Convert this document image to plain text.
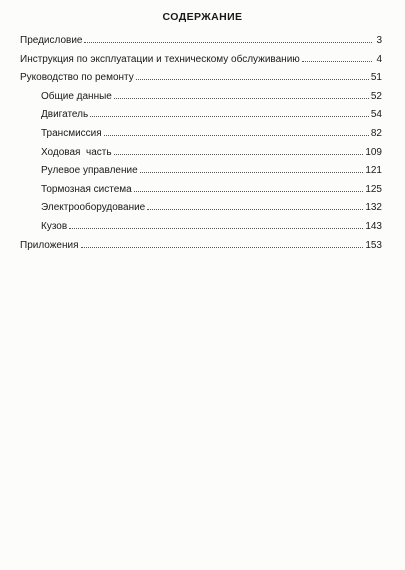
СОДЕРЖАНИЕ
Предисловие	3
Инструкция по эксплуатации и техническому обслуживанию	4
Руководство по ремонту	51
Общие данные	52
Двигатель	54
Трансмиссия	82
Ходовая  часть	109
Рулевое управление	121
Тормозная система	125
Электрооборудование	132
Кузов	143
Приложения	153
